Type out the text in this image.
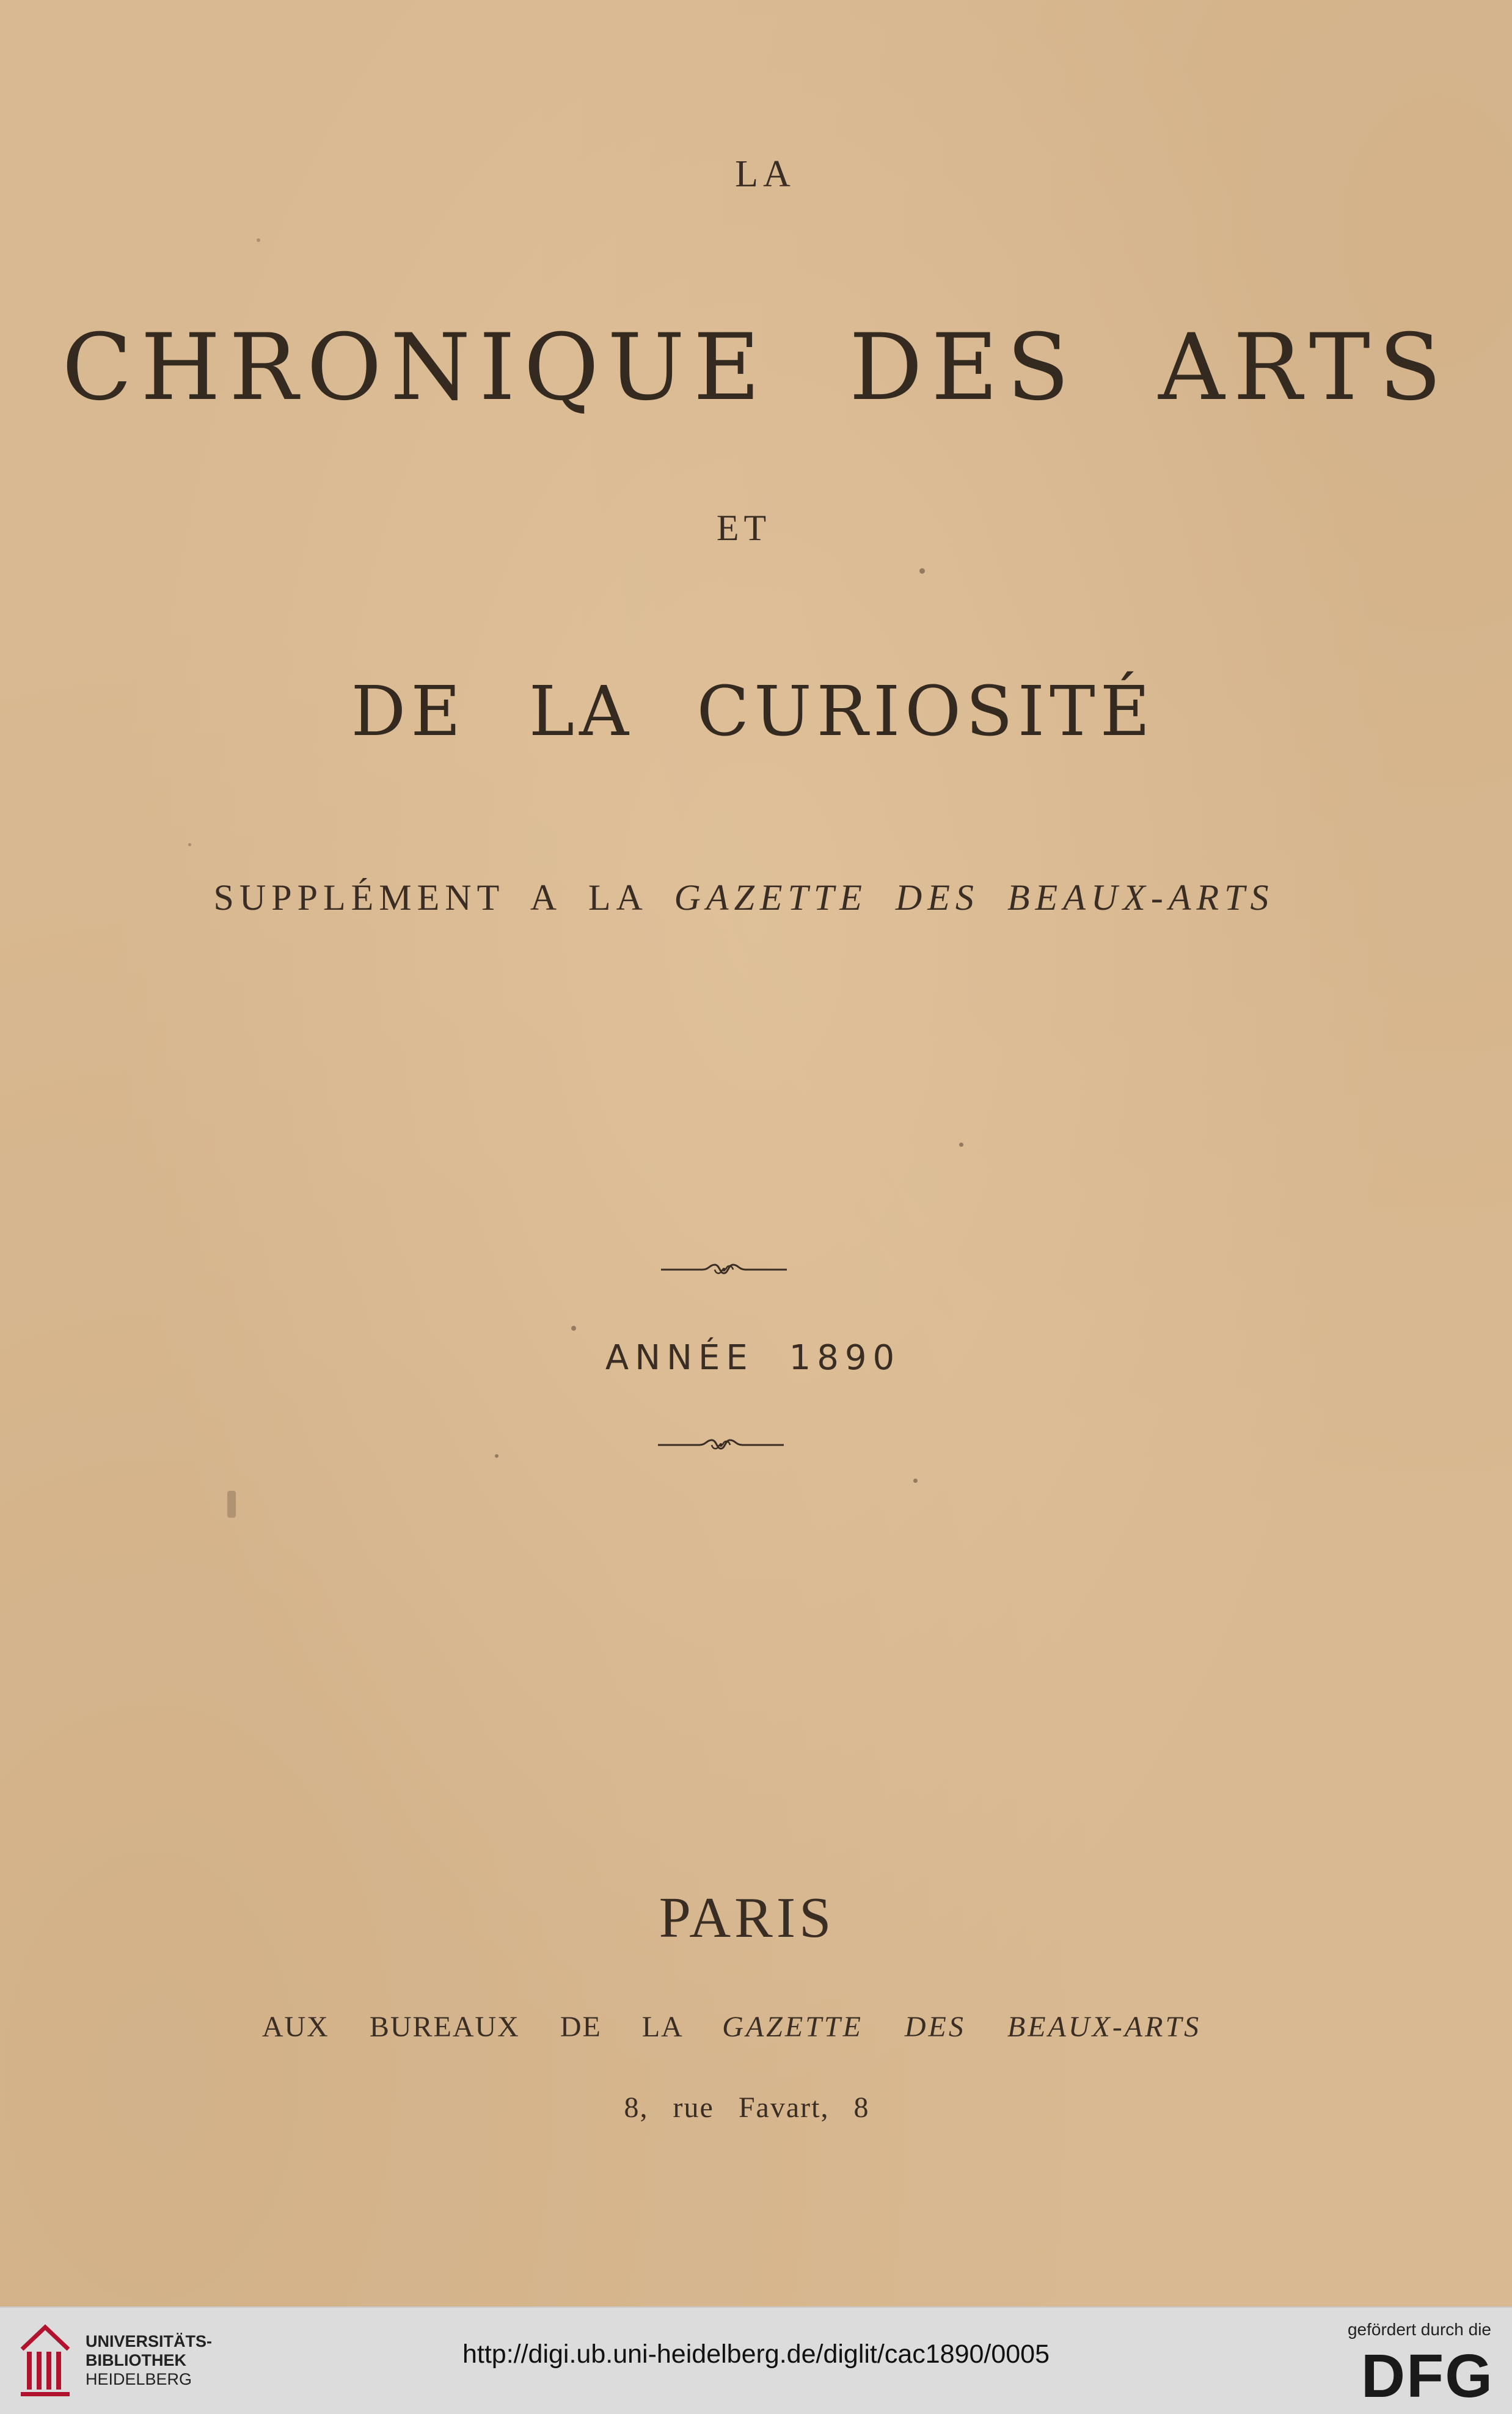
LA
CHRONIQUE DES ARTS
ET
DE LA CURIOSITÉ
SUPPLÉMENT A LA GAZETTE DES BEAUX-ARTS
ANNÉE 1890
PARIS
AUX BUREAUX DE LA GAZETTE DES BEAUX-ARTS
8, rue Favart, 8
UNIVERSITÄTS-
BIBLIOTHEK
HEIDELBERG
http://digi.ub.uni-heidelberg.de/diglit/cac1890/0005
gefördert durch die
DFG
